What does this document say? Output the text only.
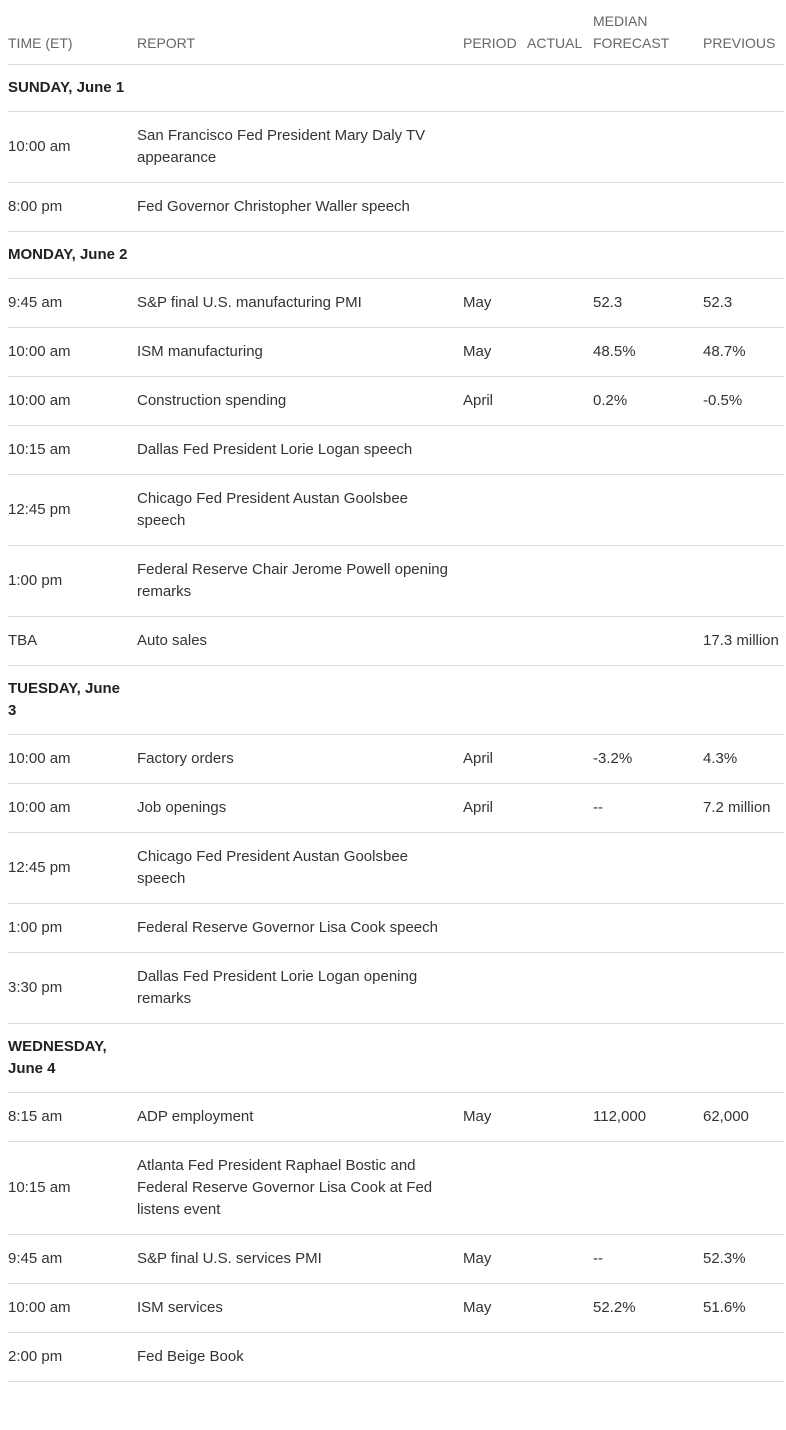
TIME (ET)	REPORT	PERIOD	ACTUAL	MEDIAN FORECAST	PREVIOUS

SUNDAY, June 1					

10:00 am	San Francisco Fed President Mary Daly TV appearance				
8:00 pm	Fed Governor Christopher Waller speech				

MONDAY, June 2					

9:45 am	S&P final U.S. manufacturing PMI	May		52.3	52.3
10:00 am	ISM manufacturing	May		48.5%	48.7%
10:00 am	Construction spending	April		0.2%	-0.5%
10:15 am	Dallas Fed President Lorie Logan speech				
12:45 pm	Chicago Fed President Austan Goolsbee speech				
1:00 pm	Federal Reserve Chair Jerome Powell opening remarks				
TBA	Auto sales				17.3 million

TUESDAY, June 3					

10:00 am	Factory orders	April		-3.2%	4.3%
10:00 am	Job openings	April		--	7.2 million
12:45 pm	Chicago Fed President Austan Goolsbee speech				
1:00 pm	Federal Reserve Governor Lisa Cook speech				
3:30 pm	Dallas Fed President Lorie Logan opening remarks				

WEDNESDAY, June 4					

8:15 am	ADP employment	May		112,000	62,000
10:15 am	Atlanta Fed President Raphael Bostic and Federal Reserve Governor Lisa Cook at Fed listens event				
9:45 am	S&P final U.S. services PMI	May		--	52.3%
10:00 am	ISM services	May		52.2%	51.6%
2:00 pm	Fed Beige Book				
